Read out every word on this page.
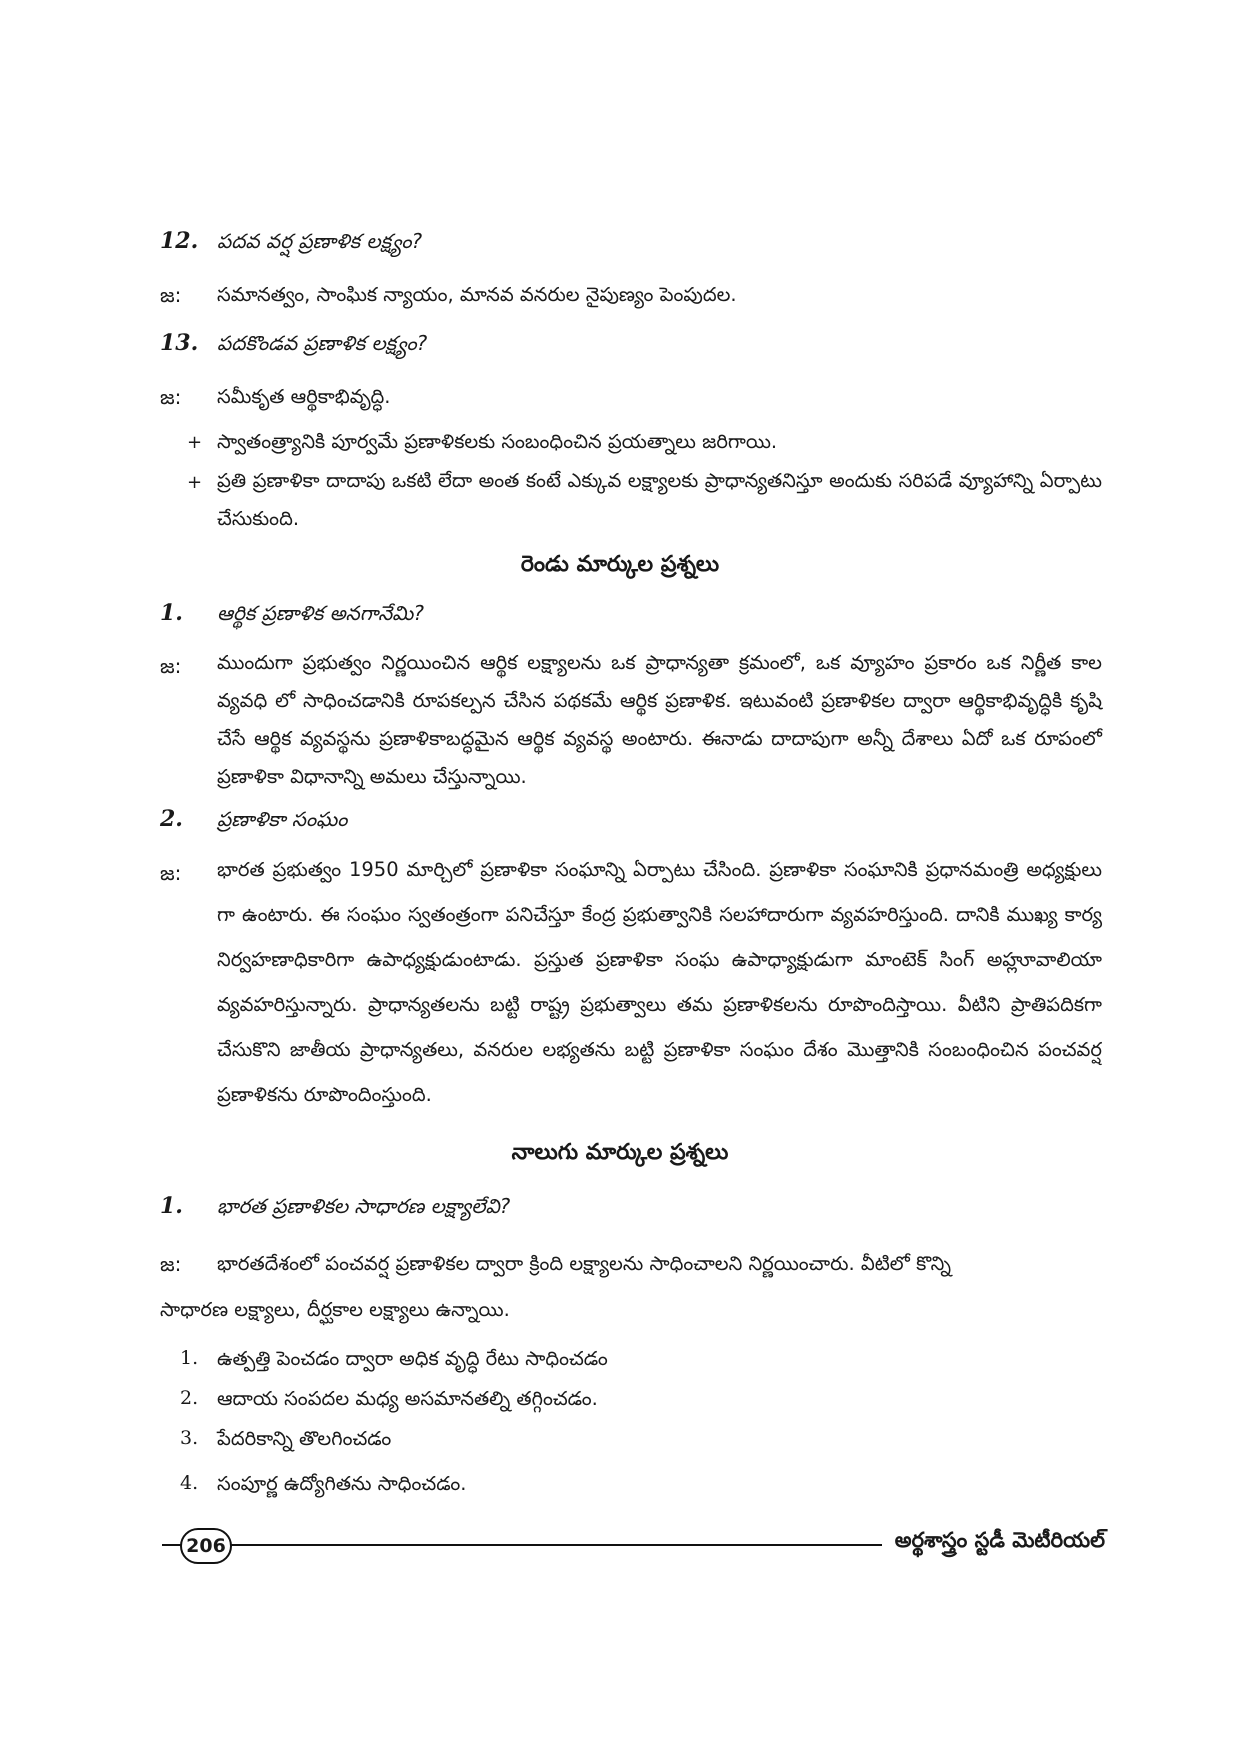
12. పదవ వర్ష ప్రణాళిక లక్ష్యం?
జ: సమానత్వం, సాంఘిక న్యాయం, మానవ వనరుల నైపుణ్యం పెంపుదల.
13. పదకొండవ ప్రణాళిక లక్ష్యం?
జ: సమీకృత ఆర్థికాభివృద్ధి.
+ స్వాతంత్ర్యానికి పూర్వమే ప్రణాళికలకు సంబంధించిన ప్రయత్నాలు జరిగాయి.
+ ప్రతి ప్రణాళికా దాదాపు ఒకటి లేదా అంత కంటే ఎక్కువ లక్ష్యాలకు ప్రాధాన్యతనిస్తూ అందుకు సరిపడే వ్యూహాన్ని ఏర్పాటు చేసుకుంది.
రెండు మార్కుల ప్రశ్నలు
1. ఆర్థిక ప్రణాళిక అనగానేమి?
జ: ముందుగా ప్రభుత్వం నిర్ణయించిన ఆర్థిక లక్ష్యాలను ఒక ప్రాధాన్యతా క్రమంలో, ఒక వ్యూహం ప్రకారం ఒక నిర్ణీత కాల వ్యవధి లో సాధించడానికి రూపకల్పన చేసిన పథకమే ఆర్థిక ప్రణాళిక. ఇటువంటి ప్రణాళికల ద్వారా ఆర్థికాభివృద్ధికి కృషి చేసే ఆర్థిక వ్యవస్థను ప్రణాళికాబద్ధమైన ఆర్థిక వ్యవస్థ అంటారు. ఈనాడు దాదాపుగా అన్నీ దేశాలు ఏదో ఒక రూపంలో ప్రణాళికా విధానాన్ని అమలు చేస్తున్నాయి.
2. ప్రణాళికా సంఘం
జ: భారత ప్రభుత్వం 1950 మార్చిలో ప్రణాళికా సంఘాన్ని ఏర్పాటు చేసింది. ప్రణాళికా సంఘానికి ప్రధానమంత్రి అధ్యక్షులు గా ఉంటారు. ఈ సంఘం స్వతంత్రంగా పనిచేస్తూ కేంద్ర ప్రభుత్వానికి సలహాదారుగా వ్యవహరిస్తుంది. దానికి ముఖ్య కార్య నిర్వహణాధికారిగా ఉపాధ్యక్షుడుంటాడు. ప్రస్తుత ప్రణాళికా సంఘ ఉపాధ్యాక్షుడుగా మాంటెక్ సింగ్ అహ్లూవాలియా వ్యవహరిస్తున్నారు. ప్రాధాన్యతలను బట్టి రాష్ట్ర ప్రభుత్వాలు తమ ప్రణాళికలను రూపొందిస్తాయి. వీటిని ప్రాతిపదికగా చేసుకొని జాతీయ ప్రాధాన్యతలు, వనరుల లభ్యతను బట్టి ప్రణాళికా సంఘం దేశం మొత్తానికి సంబంధించిన పంచవర్ష ప్రణాళికను రూపొందింస్తుంది.
నాలుగు మార్కుల ప్రశ్నలు
1. భారత ప్రణాళికల సాధారణ లక్ష్యాలేవి?
జ: భారతదేశంలో పంచవర్ష ప్రణాళికల ద్వారా క్రింది లక్ష్యాలను సాధించాలని నిర్ణయించారు. వీటిలో కొన్ని
సాధారణ లక్ష్యాలు, దీర్ఘకాల లక్ష్యాలు ఉన్నాయి.
1. ఉత్పత్తి పెంచడం ద్వారా అధిక వృద్ధి రేటు సాధించడం
2. ఆదాయ సంపదల మధ్య అసమానతల్ని తగ్గించడం.
3. పేదరికాన్ని తొలగించడం
4. సంపూర్ణ ఉద్యోగితను సాధించడం.
206	అర్థశాస్త్రం స్టడీ మెటీరియల్
